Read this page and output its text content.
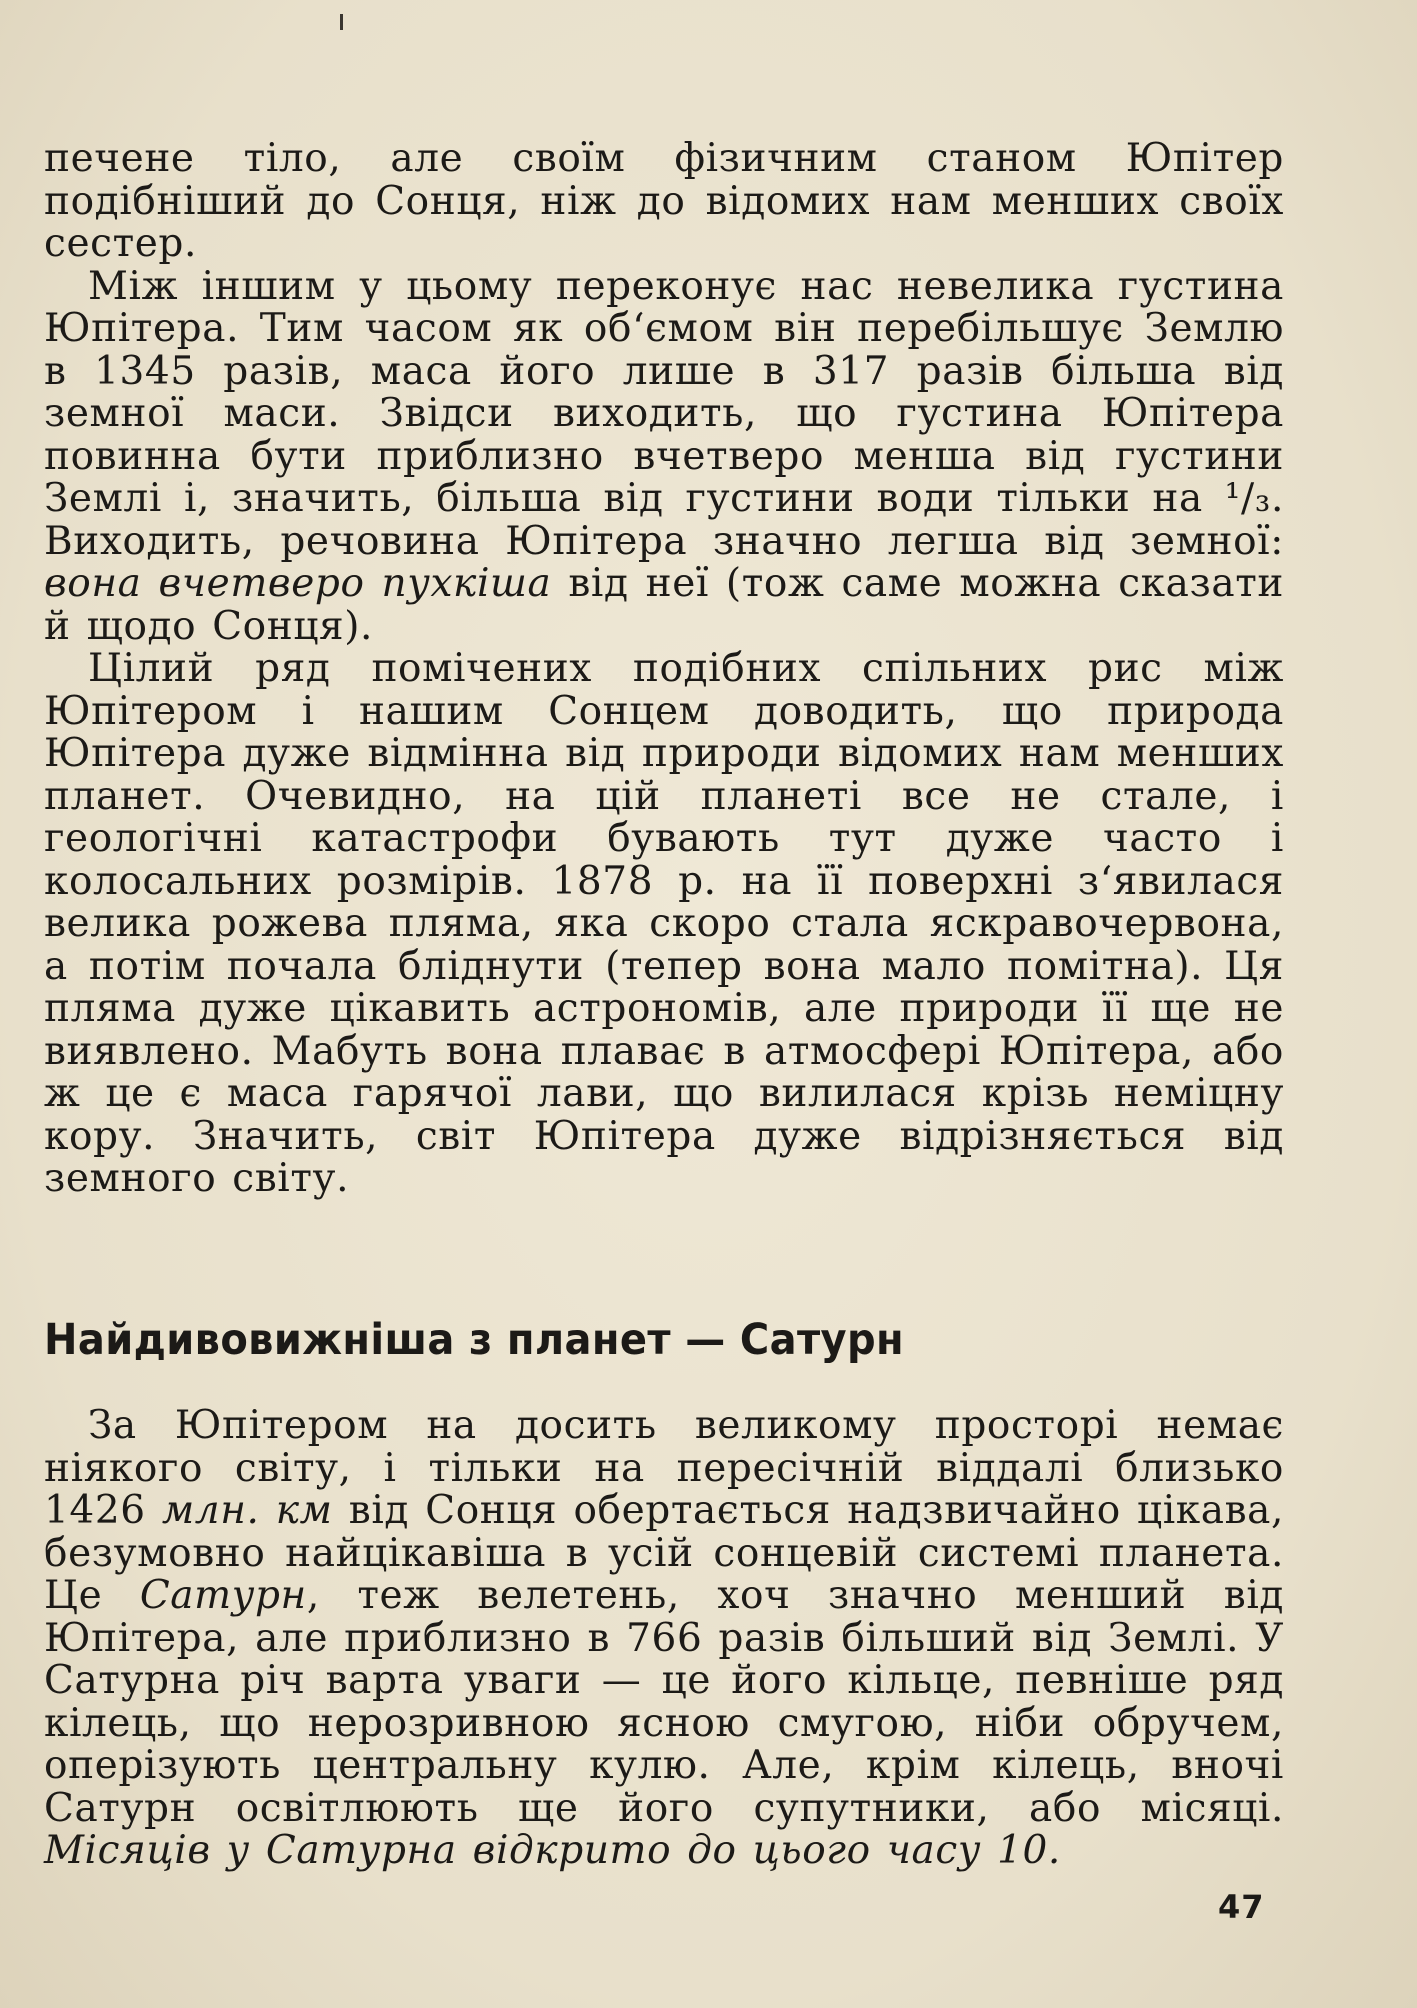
печене тіло, але своїм фізичним станом Юпітер подібніший до Сонця, ніж до відомих нам менших своїх сестер.

Між іншим у цьому переконує нас невелика густина Юпітера. Тим часом як об‘ємом він перебільшує Землю в 1345 разів, маса його лише в 317 разів більша від земної маси. Звідси виходить, що густина Юпітера повинна бути приблизно вчетверо менша від густини Землі і, значить, більша від густини води тільки на ¹/₃. Виходить, речовина Юпітера значно легша від земної: вона вчетверо пухкіша від неї (тож саме можна сказати й щодо Сонця).

Цілий ряд помічених подібних спільних рис між Юпітером і нашим Сонцем доводить, що природа Юпітера дуже відмінна від природи відомих нам менших планет. Очевидно, на цій планеті все не стале, і геологічні катастрофи бувають тут дуже часто і колосальних розмірів. 1878 р. на її поверхні з‘явилася велика рожева пляма, яка скоро стала яскравочервона, а потім почала бліднути (тепер вона мало помітна). Ця пляма дуже цікавить астрономів, але природи її ще не виявлено. Мабуть вона плаває в атмосфері Юпітера, або ж це є маса гарячої лави, що вилилася крізь неміцну кору. Значить, світ Юпітера дуже відрізняється від земного світу.

Найдивовижніша з планет — Сатурн

За Юпітером на досить великому просторі немає ніякого світу, і тільки на пересічній віддалі близько 1426 млн. км від Сонця обертається надзвичайно цікава, безумовно найцікавіша в усій сонцевій системі планета. Це Сатурн, теж велетень, хоч значно менший від Юпітера, але приблизно в 766 разів більший від Землі. У Сатурна річ варта уваги — це його кільце, певніше ряд кілець, що нерозривною ясною смугою, ніби обручем, оперізують центральну кулю. Але, крім кілець, вночі Сатурн освітлюють ще його супутники, або місяці. Місяців у Сатурна відкрито до цього часу 10.

47
